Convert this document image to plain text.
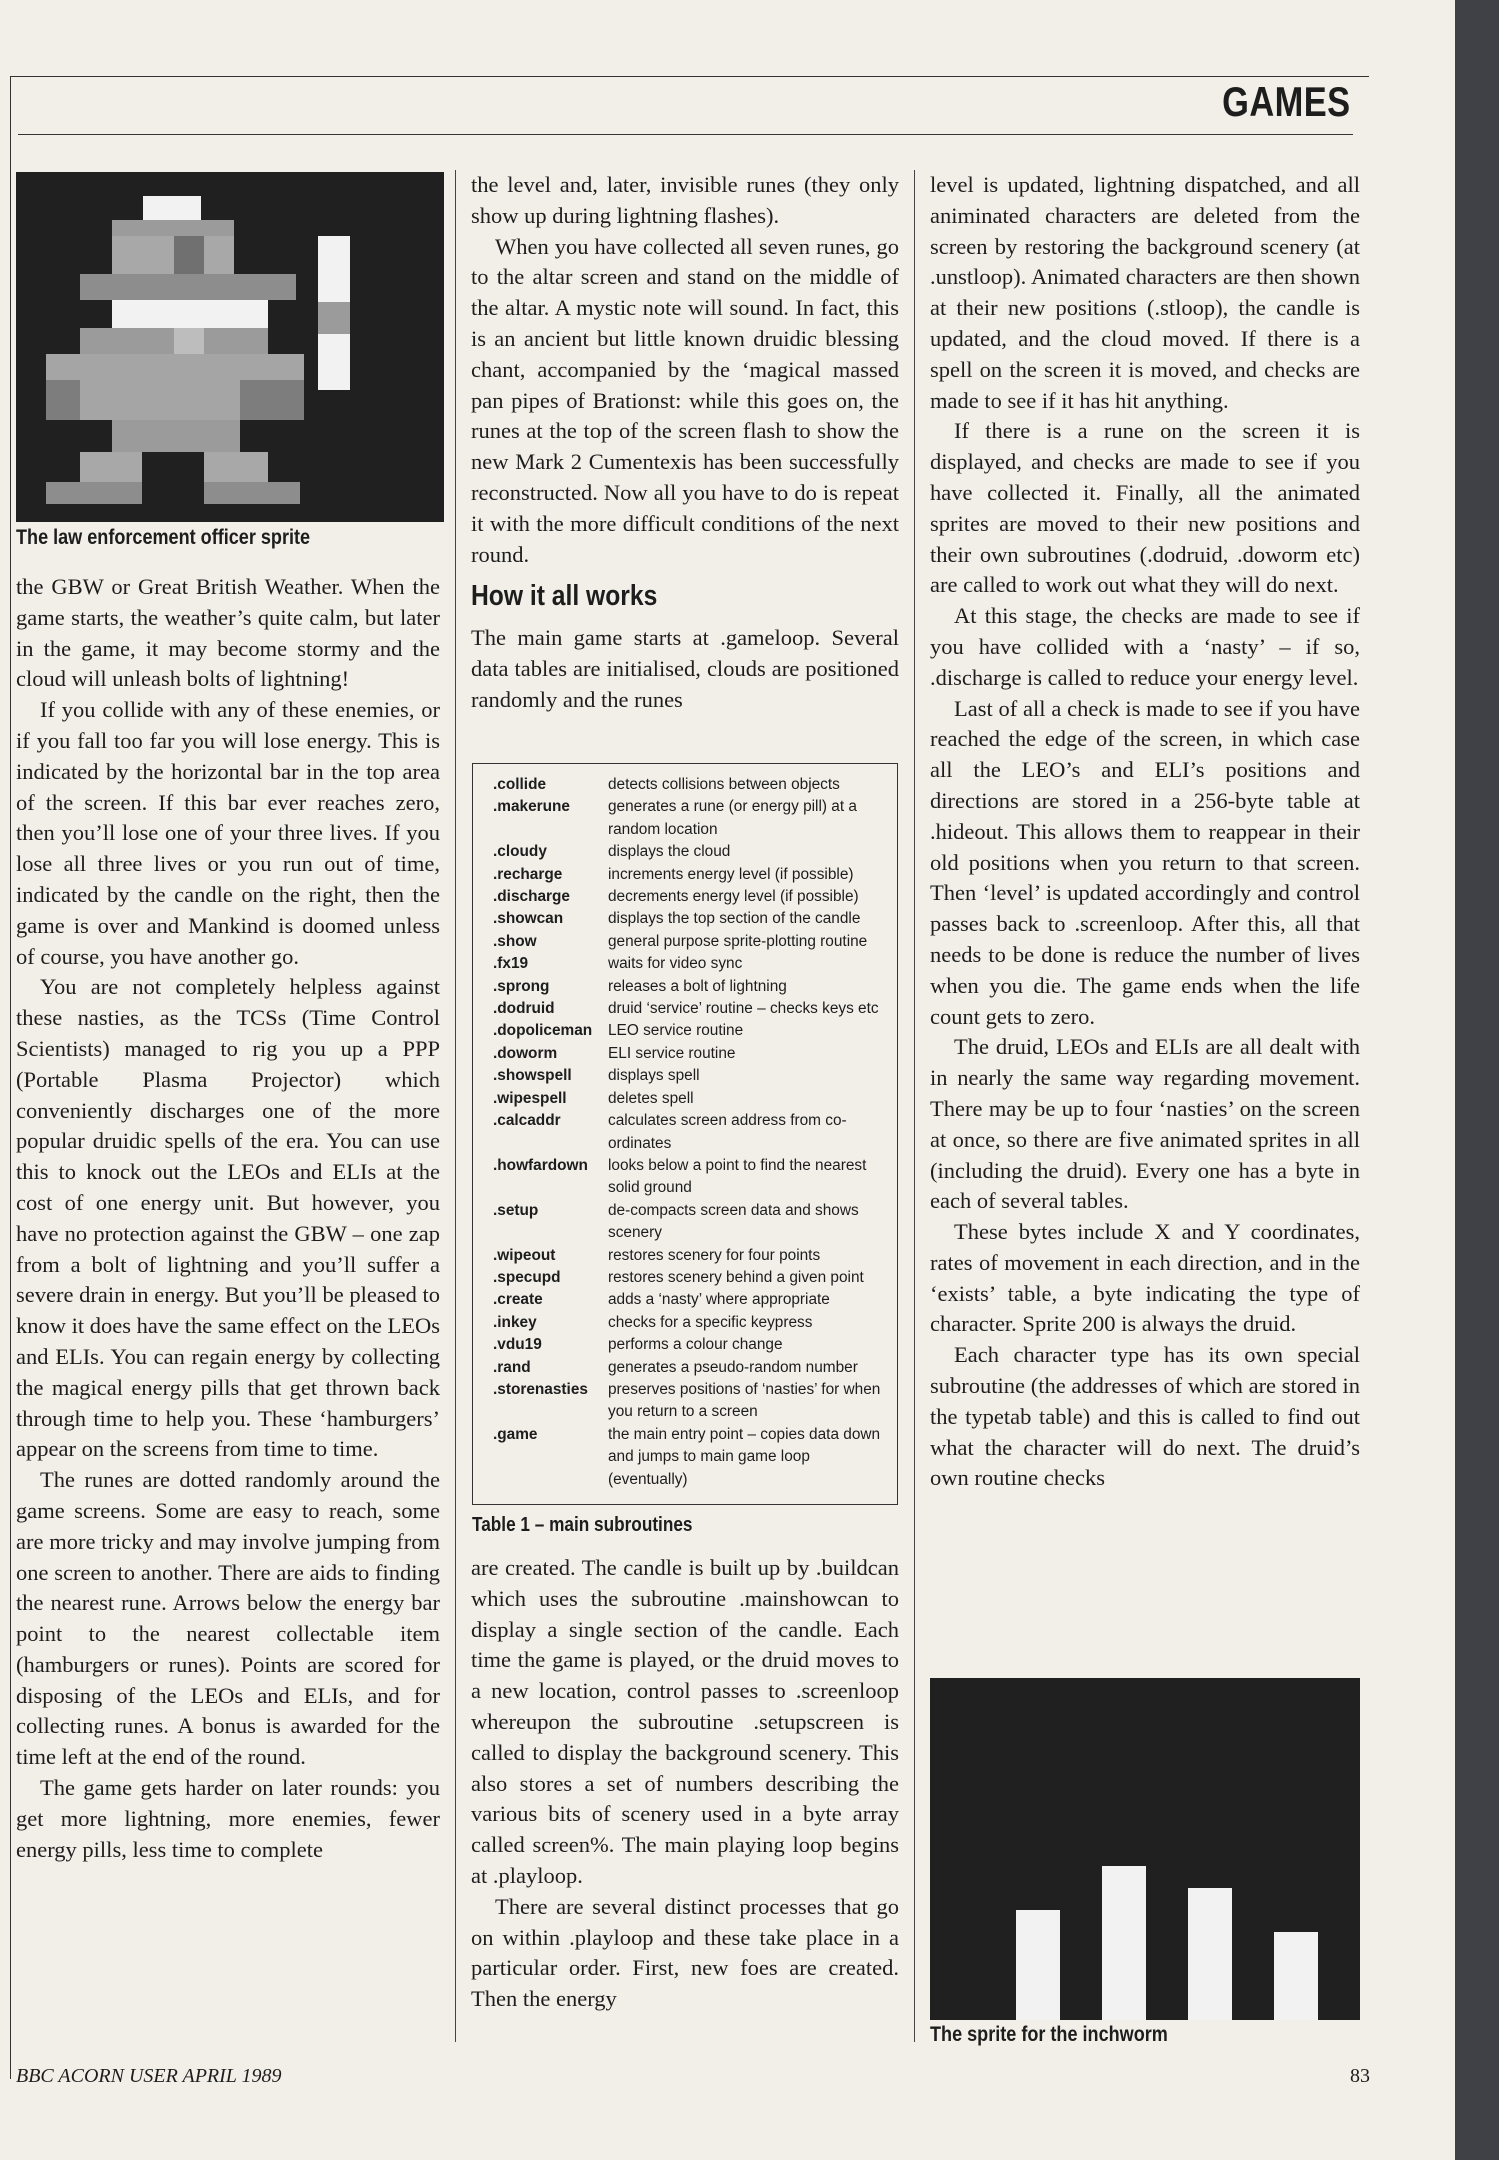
GAMES
The law enforcement officer sprite

the GBW or Great British Weather. When the game starts, the weather’s quite calm, but later in the game, it may become stormy and the cloud will unleash bolts of lightning!

If you collide with any of these enemies, or if you fall too far you will lose energy. This is indicated by the horizontal bar in the top area of the screen. If this bar ever reaches zero, then you’ll lose one of your three lives. If you lose all three lives or you run out of time, indicated by the candle on the right, then the game is over and Mankind is doomed unless of course, you have another go.

You are not completely helpless against these nasties, as the TCSs (Time Control Scientists) managed to rig you up a PPP (Portable Plasma Projector) which conveniently discharges one of the more popular druidic spells of the era. You can use this to knock out the LEOs and ELIs at the cost of one energy unit. But however, you have no protection against the GBW – one zap from a bolt of lightning and you’ll suffer a severe drain in energy. But you’ll be pleased to know it does have the same effect on the LEOs and ELIs. You can regain energy by collecting the magical energy pills that get thrown back through time to help you. These ‘hamburgers’ appear on the screens from time to time.

The runes are dotted randomly around the game screens. Some are easy to reach, some are more tricky and may involve jumping from one screen to another. There are aids to finding the nearest rune. Arrows below the energy bar point to the nearest collectable item (hamburgers or runes). Points are scored for disposing of the LEOs and ELIs, and for collecting runes. A bonus is awarded for the time left at the end of the round.

The game gets harder on later rounds: you get more lightning, more enemies, fewer energy pills, less time to complete

the level and, later, invisible runes (they only show up during lightning flashes).

When you have collected all seven runes, go to the altar screen and stand on the middle of the altar. A mystic note will sound. In fact, this is an ancient but little known druidic blessing chant, accompanied by the ‘magical massed pan pipes of Brationst: while this goes on, the runes at the top of the screen flash to show the new Mark 2 Cumentexis has been successfully reconstructed. Now all you have to do is repeat it with the more difficult conditions of the next round.

How it all works

The main game starts at .gameloop. Several data tables are initialised, clouds are positioned randomly and the runes

.collide	detects collisions between objects
.makerune	generates a rune (or energy pill) at a random location
.cloudy	displays the cloud
.recharge	increments energy level (if possible)
.discharge	decrements energy level (if possible)
.showcan	displays the top section of the candle
.show	general purpose sprite-plotting routine
.fx19	waits for video sync
.sprong	releases a bolt of lightning
.dodruid	druid ‘service’ routine – checks keys etc
.dopoliceman	LEO service routine
.doworm	ELI service routine
.showspell	displays spell
.wipespell	deletes spell
.calcaddr	calculates screen address from co-ordinates
.howfardown	looks below a point to find the nearest solid ground
.setup	de-compacts screen data and shows scenery
.wipeout	restores scenery for four points
.specupd	restores scenery behind a given point
.create	adds a ‘nasty’ where appropriate
.inkey	checks for a specific keypress
.vdu19	performs a colour change
.rand	generates a pseudo-random number
.storenasties	preserves positions of ‘nasties’ for when you return to a screen
.game	the main entry point – copies data down and jumps to main game loop (eventually)
Table 1 – main subroutines

are created. The candle is built up by .buildcan which uses the subroutine .mainshowcan to display a single section of the candle. Each time the game is played, or the druid moves to a new location, control passes to .screenloop whereupon the subroutine .setupscreen is called to display the background scenery. This also stores a set of numbers describing the various bits of scenery used in a byte array called screen%. The main playing loop begins at .playloop.

There are several distinct processes that go on within .playloop and these take place in a particular order. First, new foes are created. Then the energy

level is updated, lightning dispatched, and all animinated characters are deleted from the screen by restoring the background scenery (at .unstloop). Animated characters are then shown at their new positions (.stloop), the candle is updated, and the cloud moved. If there is a spell on the screen it is moved, and checks are made to see if it has hit anything.

If there is a rune on the screen it is displayed, and checks are made to see if you have collected it. Finally, all the animated sprites are moved to their new positions and their own subroutines (.dodruid, .doworm etc) are called to work out what they will do next.

At this stage, the checks are made to see if you have collided with a ‘nasty’ – if so, .discharge is called to reduce your energy level.

Last of all a check is made to see if you have reached the edge of the screen, in which case all the LEO’s and ELI’s positions and directions are stored in a 256-byte table at .hideout. This allows them to reappear in their old positions when you return to that screen. Then ‘level’ is updated accordingly and control passes back to .screenloop. After this, all that needs to be done is reduce the number of lives when you die. The game ends when the life count gets to zero.

The druid, LEOs and ELIs are all dealt with in nearly the same way regarding movement. There may be up to four ‘nasties’ on the screen at once, so there are five animated sprites in all (including the druid). Every one has a byte in each of several tables.

These bytes include X and Y coordinates, rates of movement in each direction, and in the ‘exists’ table, a byte indicating the type of character. Sprite 200 is always the druid.

Each character type has its own special subroutine (the addresses of which are stored in the typetab table) and this is called to find out what the character will do next. The druid’s own routine checks

The sprite for the inchworm
BBC ACORN USER APRIL 1989	83
